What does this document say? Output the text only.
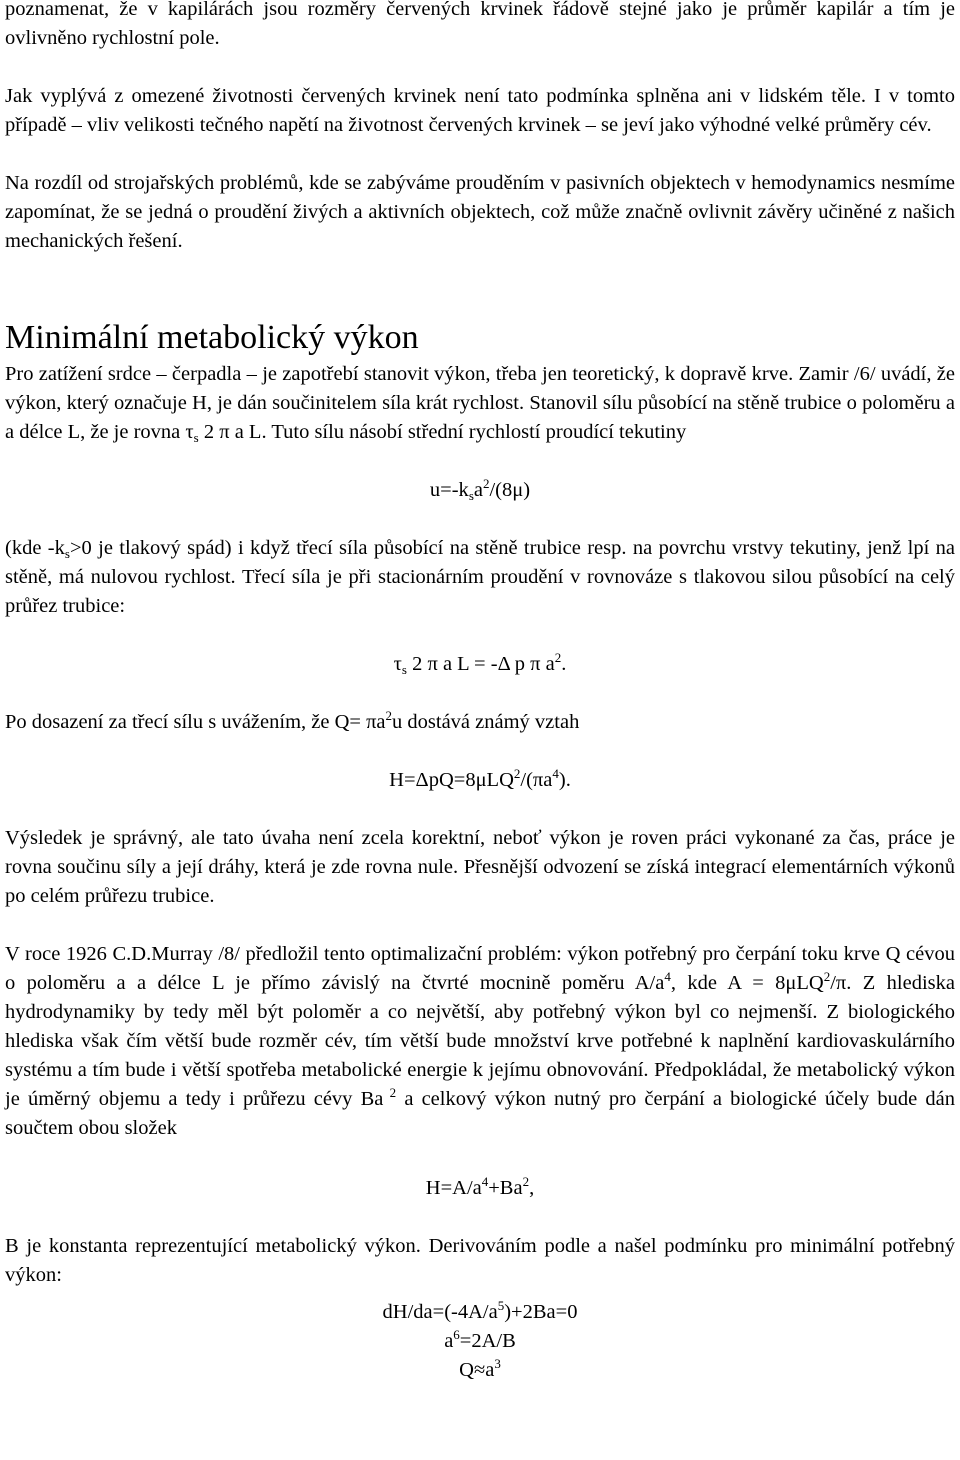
poznamenat, že v kapilárách jsou rozměry červených krvinek řádově stejné jako je průměr kapilár a tím je ovlivněno rychlostní pole.

Jak vyplývá z omezené životnosti červených krvinek není tato podmínka splněna ani v lidském těle. I v tomto případě – vliv velikosti tečného napětí na životnost červených krvinek – se jeví jako výhodné velké průměry cév.

Na rozdíl od strojařských problémů, kde se zabýváme prouděním v pasivních objektech v hemodynamics nesmíme zapomínat, že se jedná o proudění živých a aktivních objektech, což může značně ovlivnit závěry učiněné z našich mechanických řešení.

Minimální metabolický výkon

Pro zatížení srdce – čerpadla – je zapotřebí stanovit výkon, třeba jen teoretický, k dopravě krve. Zamir /6/ uvádí, že výkon, který označuje H, je dán součinitelem síla krát rychlost. Stanovil sílu působící na stěně trubice o poloměru a a délce L, že je rovna $\tau_s$ 2 π a L. Tuto sílu násobí střední rychlostí proudící tekutiny

$u=-k_sa^2/(8\mu)$

(kde $-k_s>0$ je tlakový spád) i když třecí síla působící na stěně trubice resp. na povrchu vrstvy tekutiny, jenž lpí na stěně, má nulovou rychlost. Třecí síla je při stacionárním proudění v rovnováze s tlakovou silou působící na celý průřez trubice:

$\tau_s$ 2 π a L = -Δ p π $a^2$.

Po dosazení za třecí sílu s uvážením, že $Q= \pi a^2u$ dostává známý vztah

$H=\Delta pQ=8\mu LQ^2/(\pi a^4)$.

Výsledek je správný, ale tato úvaha není zcela korektní, neboť výkon je roven práci vykonané za čas, práce je rovna součinu síly a její dráhy, která je zde rovna nule. Přesnější odvození se získá integrací elementárních výkonů po celém průřezu trubice.

V roce 1926 C.D.Murray /8/ předložil tento optimalizační problém: výkon potřebný pro čerpání toku krve Q cévou o poloměru a a délce L je přímo závislý na čtvrté mocnině poměru $A/a^4$, kde A = 8μLQ$^2$/π. Z hlediska hydrodynamiky by tedy měl být poloměr a co největší, aby potřebný výkon byl co nejmenší. Z biologického hlediska však čím větší bude rozměr cév, tím větší bude množství krve potřebné k naplnění kardiovaskulárního systému a tím bude i větší spotřeba metabolické energie k jejímu obnovování. Předpokládal, že metabolický výkon je úměrný objemu a tedy i průřezu cévy Ba $^2$ a celkový výkon nutný pro čerpání a biologické účely bude dán součtem obou složek

$H=A/a^4+Ba^2$,

B je konstanta reprezentující metabolický výkon. Derivováním podle a našel podmínku pro minimální potřebný výkon:

$dH/da=(-4A/a^5)+2Ba=0$

$a^6=2A/B$

$Q\approx a^3$
